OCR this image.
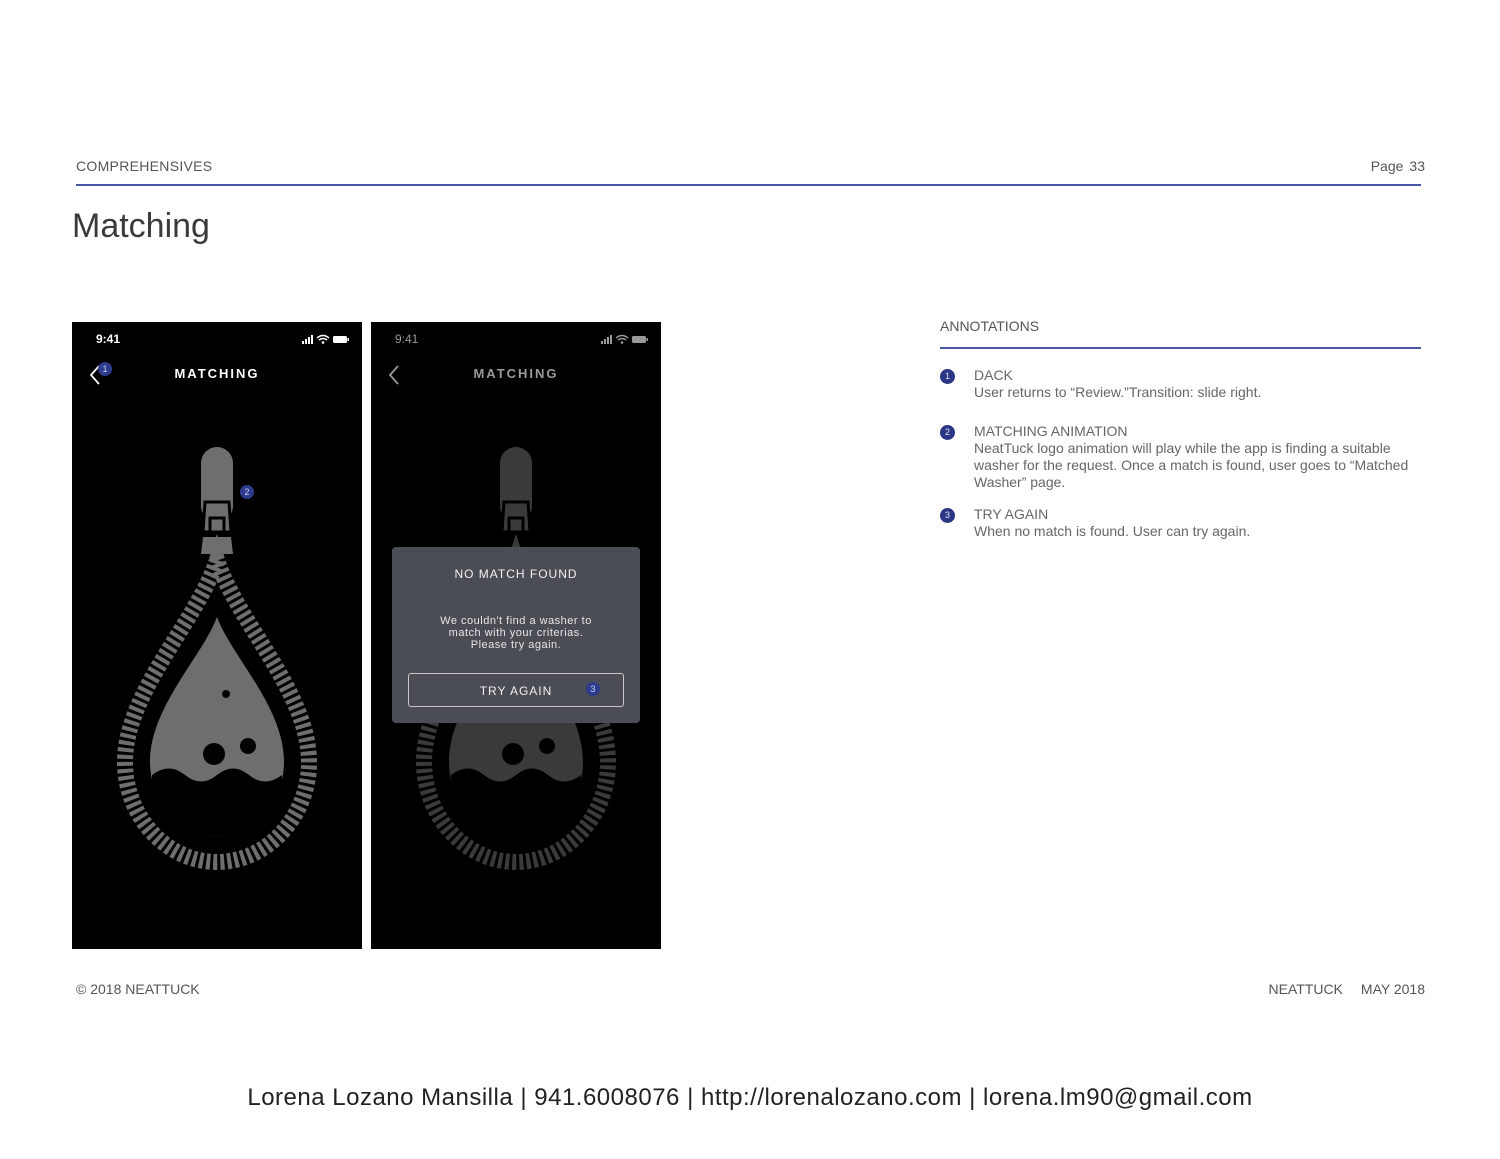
COMPREHENSIVES	Page 33
Matching
9:41
1	MATCHING
2
9:41
MATCHING
NO MATCH FOUND
We couldn't find a washer to
match with your criterias.
Please try again.
TRY AGAIN	3
ANNOTATIONS
1	DACK
User returns to “Review.”Transition: slide right.
2	MATCHING ANIMATION
NeatTuck logo animation will play while the app is finding a suitable washer for the request. Once a match is found, user goes to “Matched Washer” page.
3	TRY AGAIN
When no match is found. User can try again.
© 2018 NEATTUCK	NEATTUCK MAY 2018
Lorena Lozano Mansilla | 941.6008076 | http://lorenalozano.com | lorena.lm90@gmail.com
